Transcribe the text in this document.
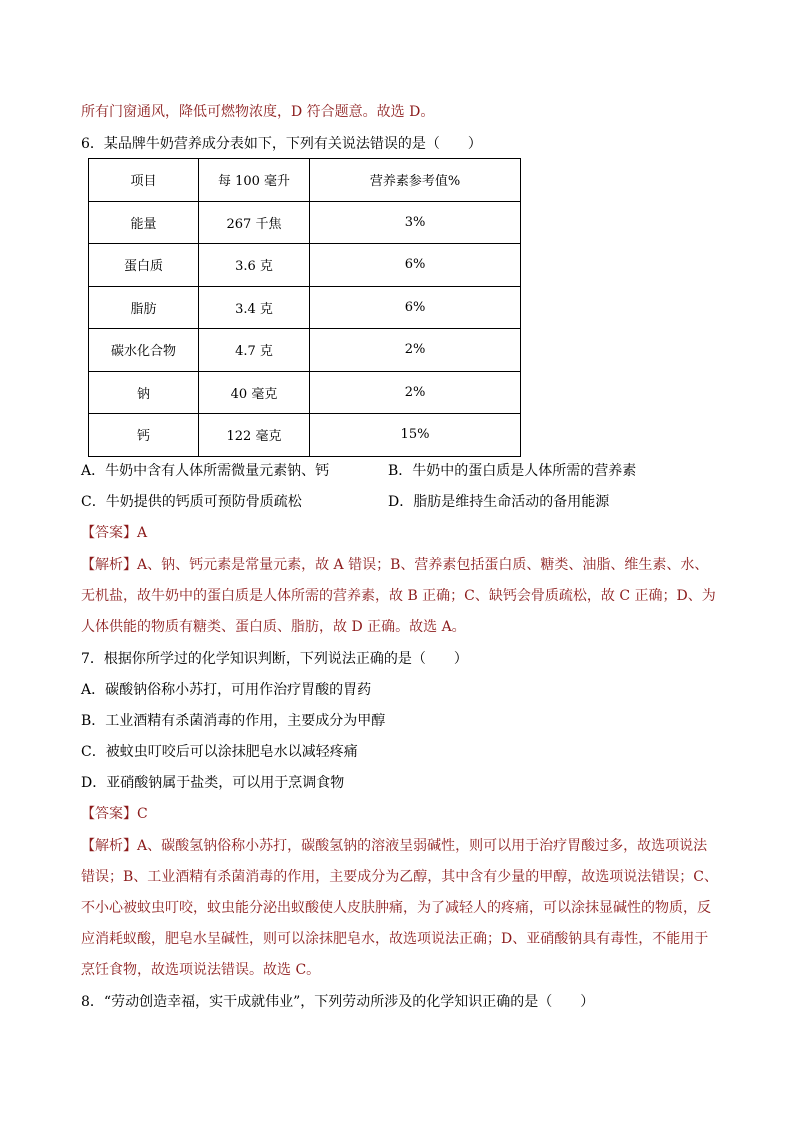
所有门窗通风，降低可燃物浓度，D 符合题意。故选 D。
6．某品牌牛奶营养成分表如下，下列有关说法错误的是（　　）
项目	每 100 毫升	营养素参考值%
能量	267 千焦	3%
蛋白质	3.6 克	6%
脂肪	3.4 克	6%
碳水化合物	4.7 克	2%
钠	40 毫克	2%
钙	122 毫克	15%
A．牛奶中含有人体所需微量元素钠、钙	B．牛奶中的蛋白质是人体所需的营养素
C．牛奶提供的钙质可预防骨质疏松	D．脂肪是维持生命活动的备用能源
【答案】A
【解析】A、钠、钙元素是常量元素，故 A 错误；B、营养素包括蛋白质、糖类、油脂、维生素、水、
无机盐，故牛奶中的蛋白质是人体所需的营养素，故 B 正确；C、缺钙会骨质疏松，故 C 正确；D、为
人体供能的物质有糖类、蛋白质、脂肪，故 D 正确。故选 A。
7．根据你所学过的化学知识判断，下列说法正确的是（　　）
A．碳酸钠俗称小苏打，可用作治疗胃酸的胃药
B．工业酒精有杀菌消毒的作用，主要成分为甲醇
C．被蚊虫叮咬后可以涂抹肥皂水以减轻疼痛
D．亚硝酸钠属于盐类，可以用于烹调食物
【答案】C
【解析】A、碳酸氢钠俗称小苏打，碳酸氢钠的溶液呈弱碱性，则可以用于治疗胃酸过多，故选项说法
错误；B、工业酒精有杀菌消毒的作用，主要成分为乙醇，其中含有少量的甲醇，故选项说法错误；C、
不小心被蚊虫叮咬，蚊虫能分泌出蚁酸使人皮肤肿痛，为了减轻人的疼痛，可以涂抹显碱性的物质，反
应消耗蚁酸，肥皂水呈碱性，则可以涂抹肥皂水，故选项说法正确；D、亚硝酸钠具有毒性，不能用于
烹饪食物，故选项说法错误。故选 C。
8．“劳动创造幸福，实干成就伟业”，下列劳动所涉及的化学知识正确的是（　　）
